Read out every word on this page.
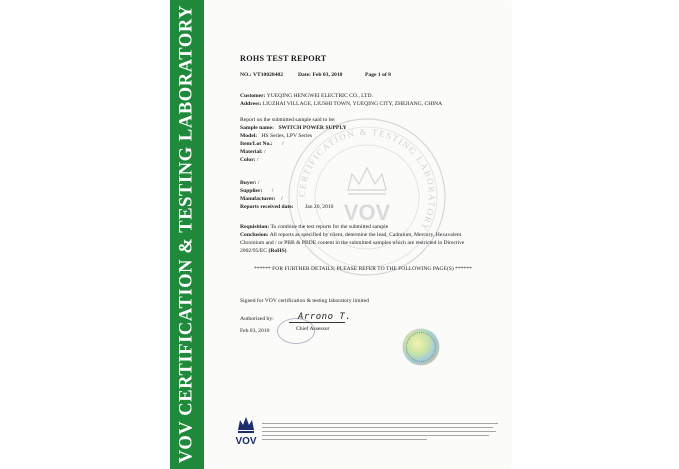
VOV CERTIFICATION & TESTING LABORATORY	CERTIFICATION & TESTING LABORATORY
VOV
ROHS TEST REPORT
NO.: VT10028482	Date: Feb 03, 2010	Page 1 of 8
Customer: YUEQING HENGWEI ELECTRIC CO., LTD.
Address: LIUZHAI VILLAGE, LIUSHI TOWN, YUEQING CITY, ZHEJIANG, CHINA
Report on the submitted sample said to be:
Sample name: SWITCH POWER SUPPLY
Model: HS Series, LPV Series
Item/Lot No.: /
Material: /
Color: /
Buyer: /
Supplier: /
Manufacturer: /
Reports received date: Jan 20, 2010
Requisition: To combine the test reports for the submitted sample
Conclusion: All reports as specified by client, determine the lead, Cadmium, Mercury, Hexavalent
Chromium and / or PBB & PBDE content in the submitted samples which are restricted in Directive
2002/95/EC (RoHS)
****** FOR FURTHER DETAILS, PLEASE REFER TO THE FOLLOWING PAGE(S) ******
Signed for VOV certification & testing laboratory limited
Authorized by:	Arrono T.
Feb 03, 2010	Chief Assessor
VOV
